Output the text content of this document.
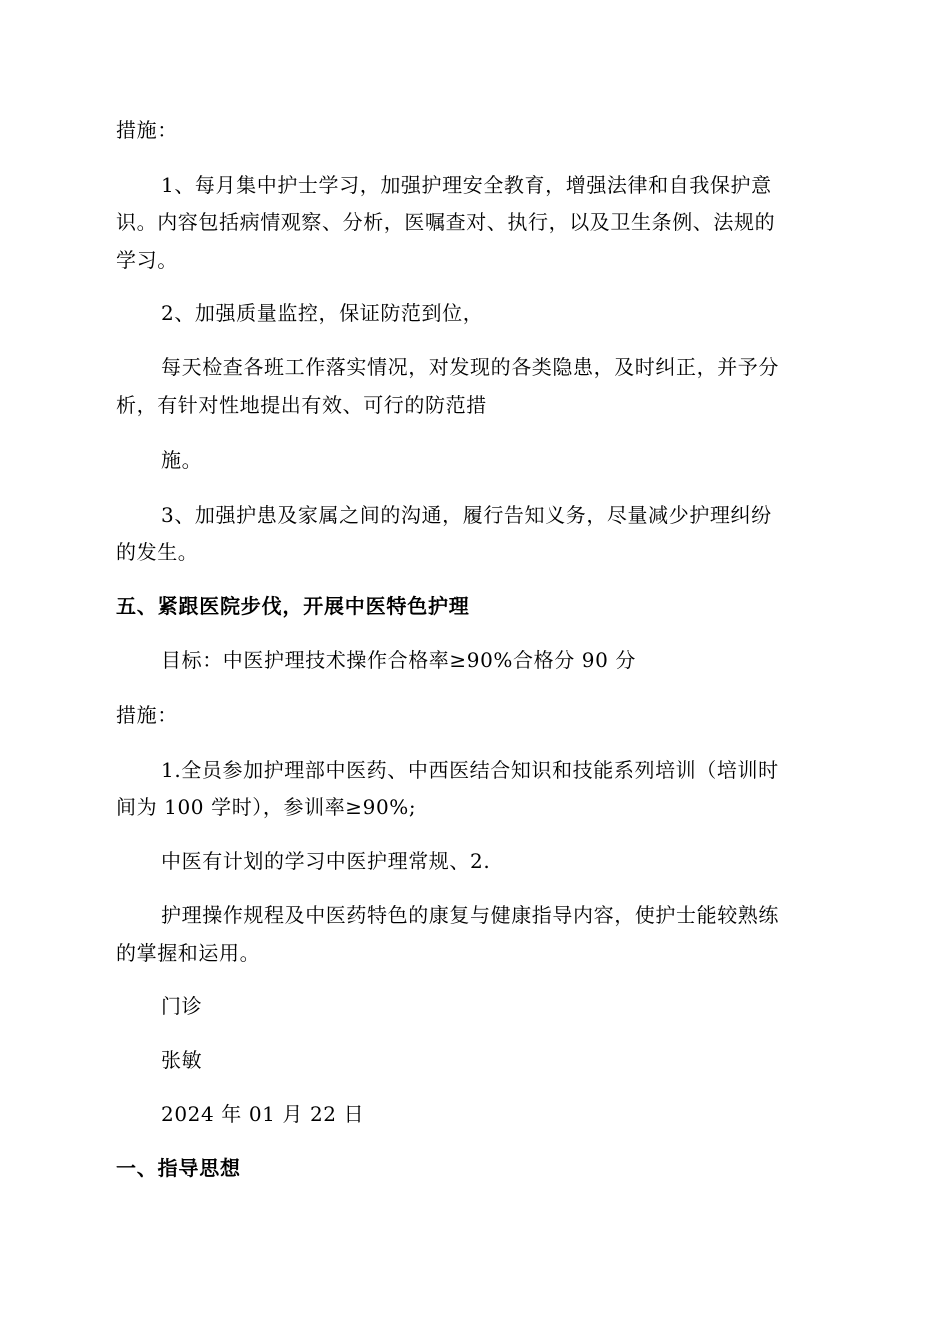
措施：
1、每月集中护士学习，加强护理安全教育，增强法律和自我保护意
识。内容包括病情观察、分析，医嘱查对、执行，以及卫生条例、法规的
学习。
2、加强质量监控，保证防范到位，
每天检查各班工作落实情况，对发现的各类隐患，及时纠正，并予分
析，有针对性地提出有效、可行的防范措
施。
3、加强护患及家属之间的沟通，履行告知义务，尽量减少护理纠纷
的发生。
五、紧跟医院步伐，开展中医特色护理
目标：中医护理技术操作合格率≥90%合格分 90 分
措施：
1.全员参加护理部中医药、中西医结合知识和技能系列培训（培训时
间为 100 学时），参训率≥90%;
中医有计划的学习中医护理常规、2.
护理操作规程及中医药特色的康复与健康指导内容，使护士能较熟练
的掌握和运用。
门诊
张敏
2024 年 01 月 22 日
一、指导思想
